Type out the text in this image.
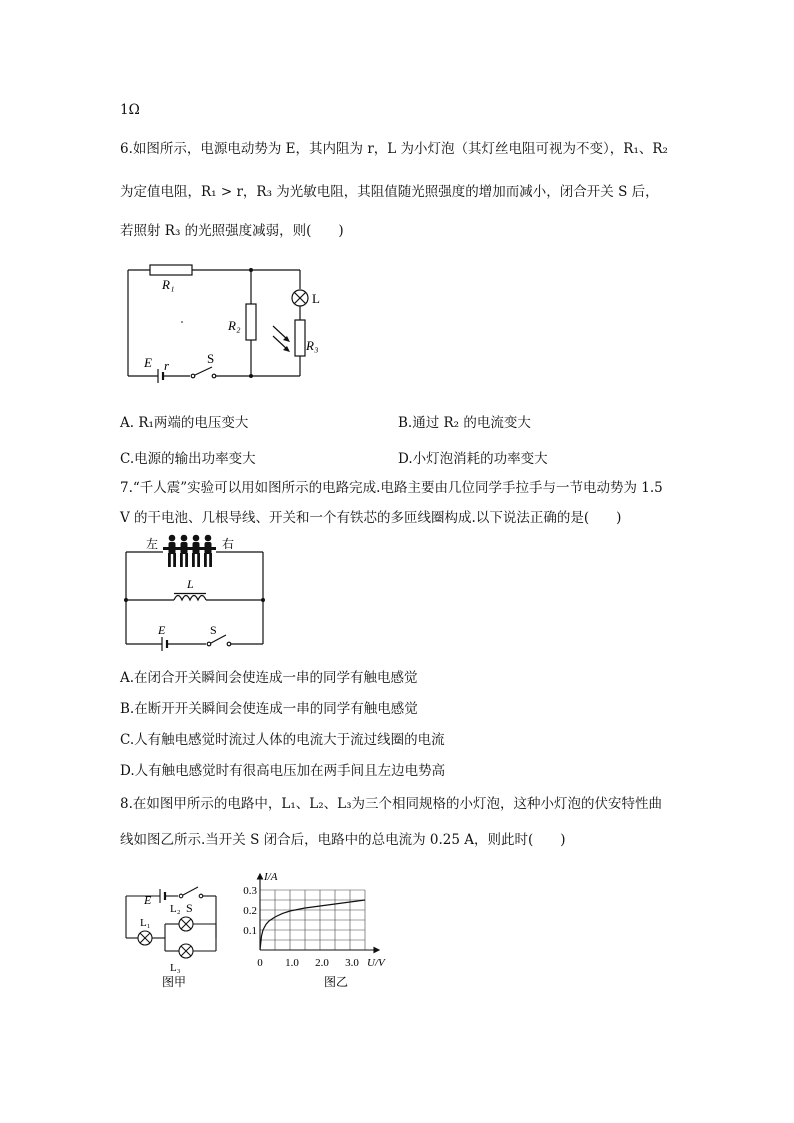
1Ω
6.如图所示，电源电动势为 E，其内阻为 r，L 为小灯泡（其灯丝电阻可视为不变），R₁、R₂
为定值电阻，R₁ > r，R₃ 为光敏电阻，其阻值随光照强度的增加而减小，闭合开关 S 后，
若照射 R₃ 的光照强度减弱，则(　　)
R₁
R₂
R₃
L
E r	S
A. R₁两端的电压变大	B.通过 R₂ 的电流变大
C.电源的输出功率变大	D.小灯泡消耗的功率变大
7.“千人震”实验可以用如图所示的电路完成.电路主要由几位同学手拉手与一节电动势为 1.5
V 的干电池、几根导线、开关和一个有铁芯的多匝线圈构成.以下说法正确的是(　　)
左	右
L
E	S
A.在闭合开关瞬间会使连成一串的同学有触电感觉
B.在断开开关瞬间会使连成一串的同学有触电感觉
C.人有触电感觉时流过人体的电流大于流过线圈的电流
D.人有触电感觉时有很高电压加在两手间且左边电势高
8.在如图甲所示的电路中，L₁、L₂、L₃为三个相同规格的小灯泡，这种小灯泡的伏安特性曲
线如图乙所示.当开关 S 闭合后，电路中的总电流为 0.25 A，则此时(　　)
E
S
L₁
L₂
L₃
图甲
0.1
0.2
0.3
0 1.0 2.0 3.0
I/A
U/V
图乙
